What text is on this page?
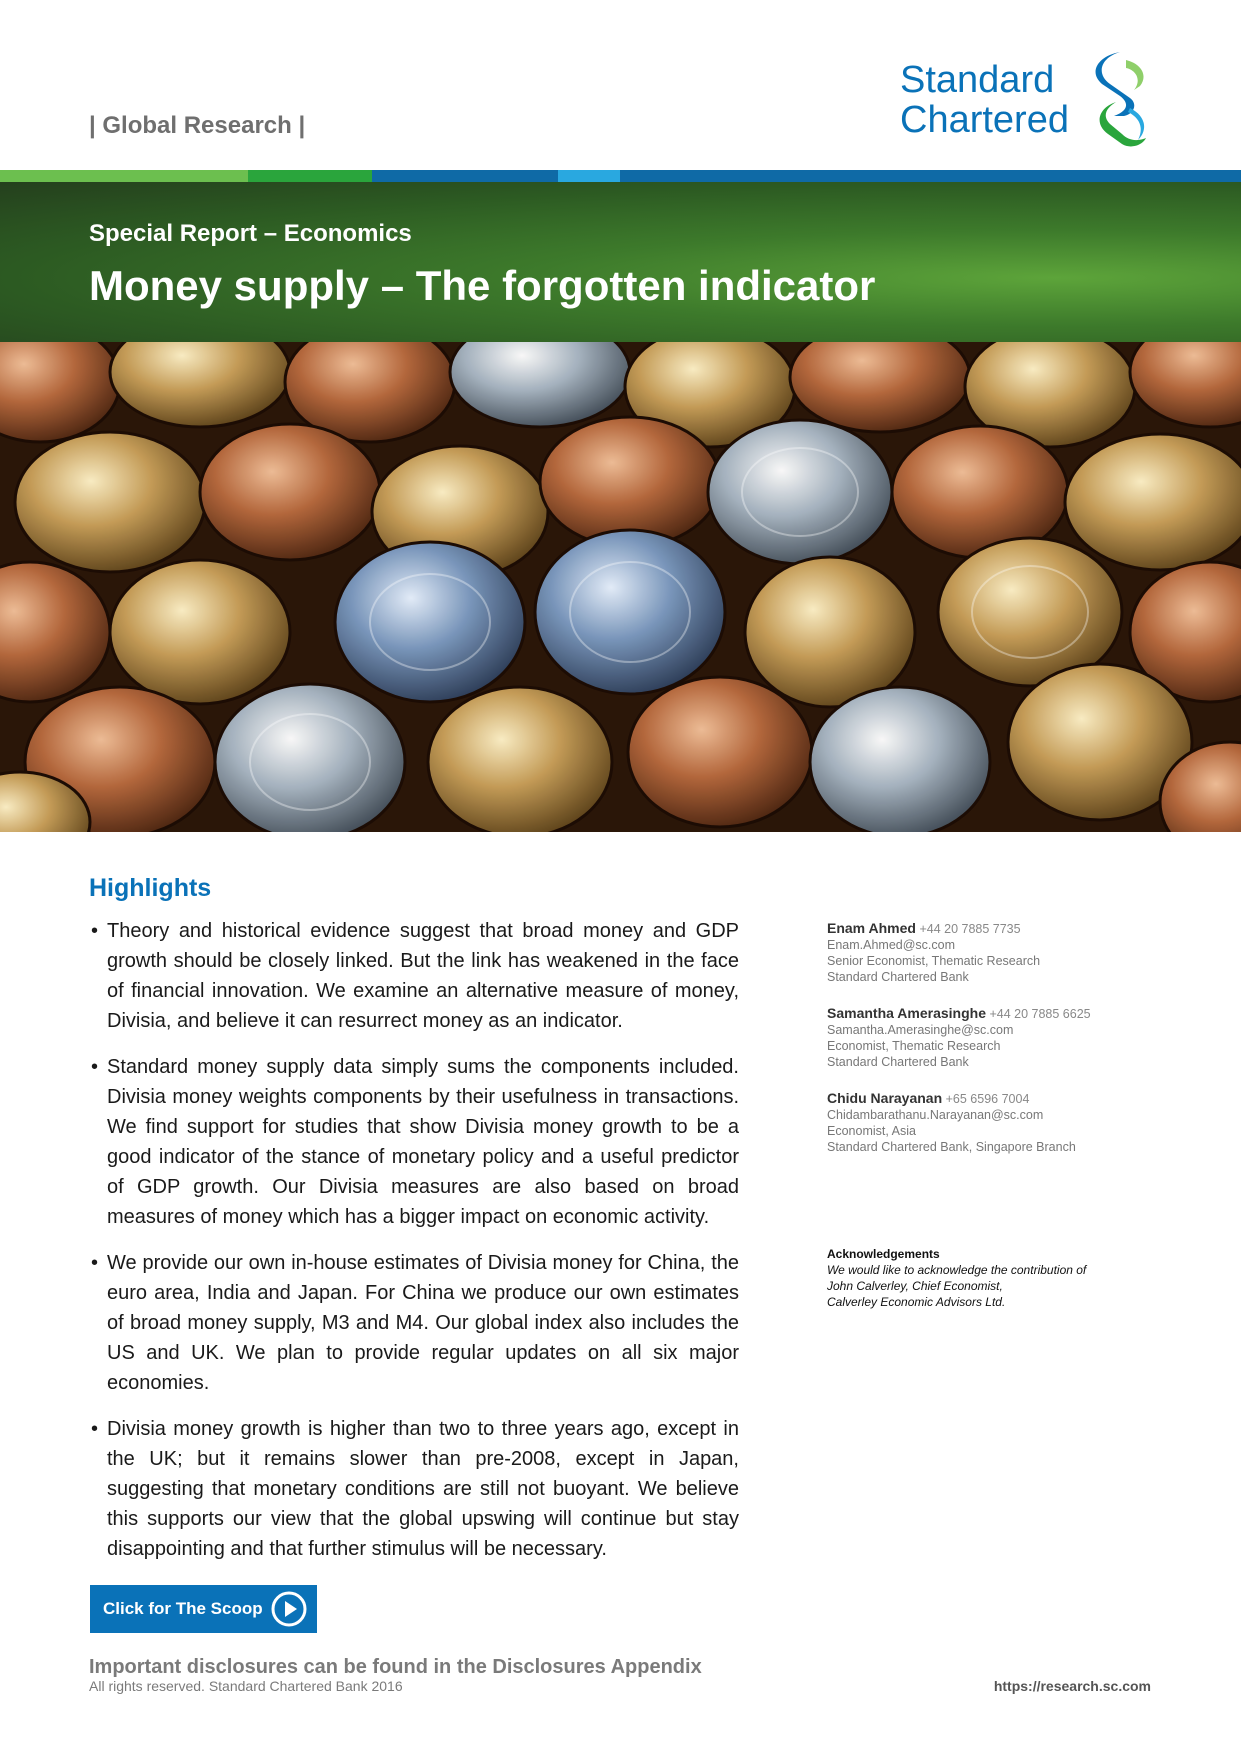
| Global Research |
Standard
Chartered
Special Report – Economics
Money supply – The forgotten indicator
Highlights
• Theory and historical evidence suggest that broad money and GDP growth should be closely linked. But the link has weakened in the face of financial innovation. We examine an alternative measure of money, Divisia, and believe it can resurrect money as an indicator.
• Standard money supply data simply sums the components included. Divisia money weights components by their usefulness in transactions. We find support for studies that show Divisia money growth to be a good indicator of the stance of monetary policy and a useful predictor of GDP growth. Our Divisia measures are also based on broad measures of money which has a bigger impact on economic activity.
• We provide our own in-house estimates of Divisia money for China, the euro area, India and Japan. For China we produce our own estimates of broad money supply, M3 and M4. Our global index also includes the US and UK. We plan to provide regular updates on all six major economies.
• Divisia money growth is higher than two to three years ago, except in the UK; but it remains slower than pre-2008, except in Japan, suggesting that monetary conditions are still not buoyant. We believe this supports our view that the global upswing will continue but stay disappointing and that further stimulus will be necessary.
Enam Ahmed +44 20 7885 7735
Enam.Ahmed@sc.com
Senior Economist, Thematic Research
Standard Chartered Bank
Samantha Amerasinghe +44 20 7885 6625
Samantha.Amerasinghe@sc.com
Economist, Thematic Research
Standard Chartered Bank
Chidu Narayanan +65 6596 7004
Chidambarathanu.Narayanan@sc.com
Economist, Asia
Standard Chartered Bank, Singapore Branch
Acknowledgements
We would like to acknowledge the contribution of
John Calverley, Chief Economist,
Calverley Economic Advisors Ltd.
Click for The Scoop
Important disclosures can be found in the Disclosures Appendix
All rights reserved. Standard Chartered Bank 2016	https://research.sc.com
